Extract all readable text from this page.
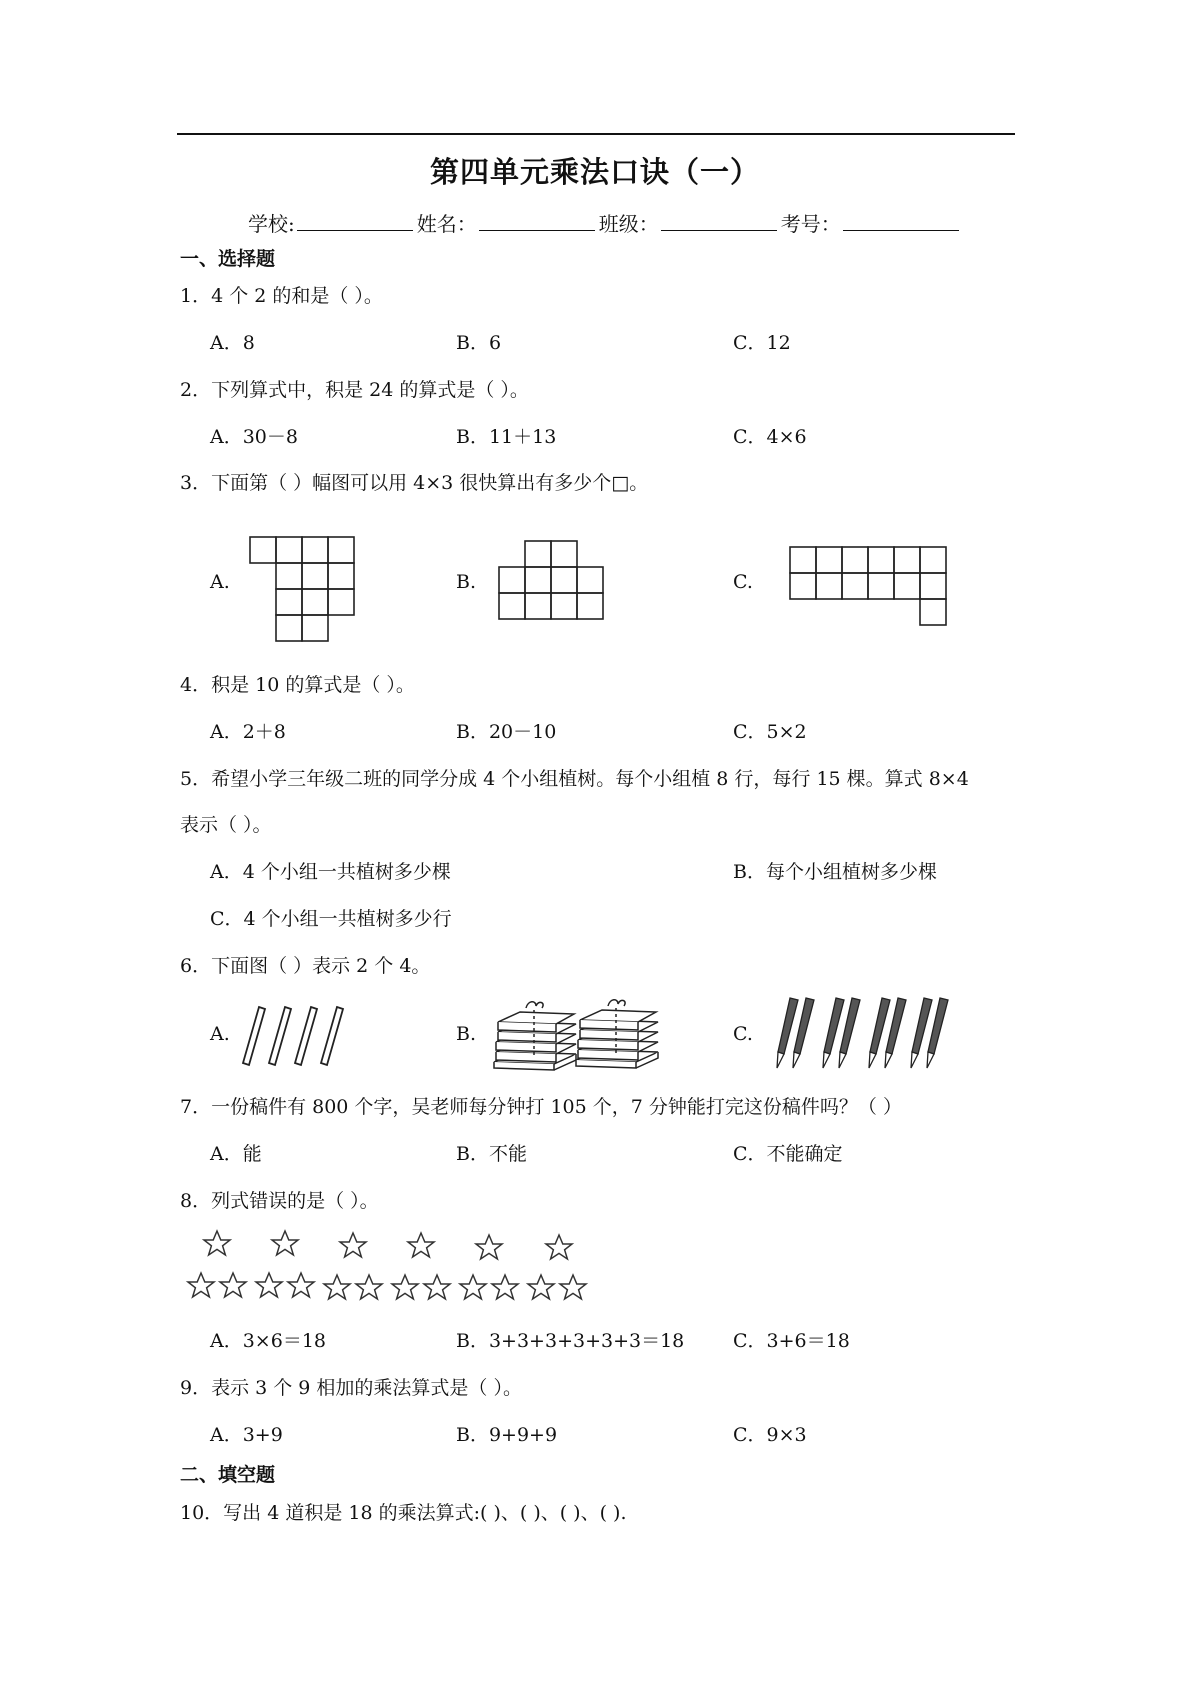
第四单元乘法口诀（一）
学校:	姓名：	班级：	考号：
一、选择题
1．4 个 2 的和是（ ）。
A．8	B．6	C．12
2．下列算式中，积是 24 的算式是（ ）。
A．30－8	B．11＋13	C．4×6
3．下面第（ ）幅图可以用 4×3 很快算出有多少个□。
A.	B.	C.
4．积是 10 的算式是（ ）。
A．2＋8	B．20－10	C．5×2
5．希望小学三年级二班的同学分成 4 个小组植树。每个小组植 8 行，每行 15 棵。算式 8×4
表示（ ）。
A．4 个小组一共植树多少棵	B．每个小组植树多少棵
C．4 个小组一共植树多少行
6．下面图（ ）表示 2 个 4。
A.	B.	C.
7．一份稿件有 800 个字，吴老师每分钟打 105 个，7 分钟能打完这份稿件吗？（ ）
A．能	B．不能	C．不能确定
8．列式错误的是（ ）。
A．3×6＝18	B．3+3+3+3+3+3＝18	C．3+6＝18
9．表示 3 个 9 相加的乘法算式是（ ）。
A．3+9	B．9+9+9	C．9×3
二、填空题
10．写出 4 道积是 18 的乘法算式:( )、( )、( )、( ).
